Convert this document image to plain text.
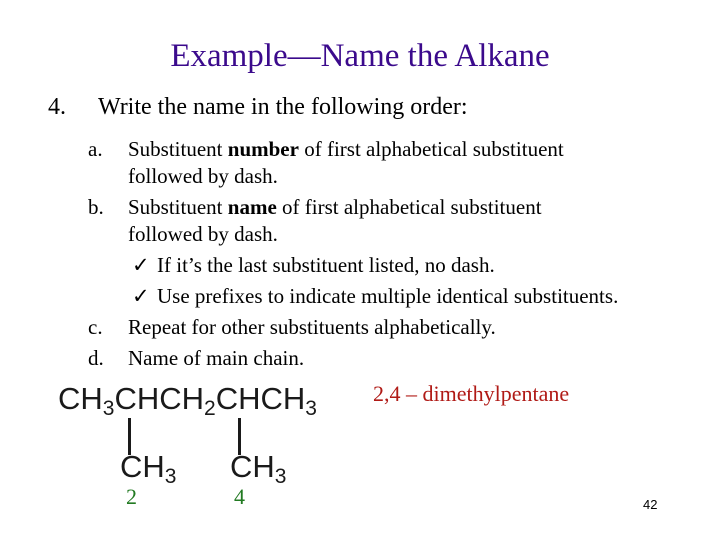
Example—Name the Alkane
4. Write the name in the following order:
a. Substituent number of first alphabetical substituent
followed by dash.
b. Substituent name of first alphabetical substituent
followed by dash.
✓ If it’s the last substituent listed, no dash.
✓ Use prefixes to indicate multiple identical substituents.
c. Repeat for other substituents alphabetically.
d. Name of main chain.
$CH_3CHCH_2CHCH_3$
$CH_3$ $CH_3$
2	4
2,4 – dimethylpentane
42
